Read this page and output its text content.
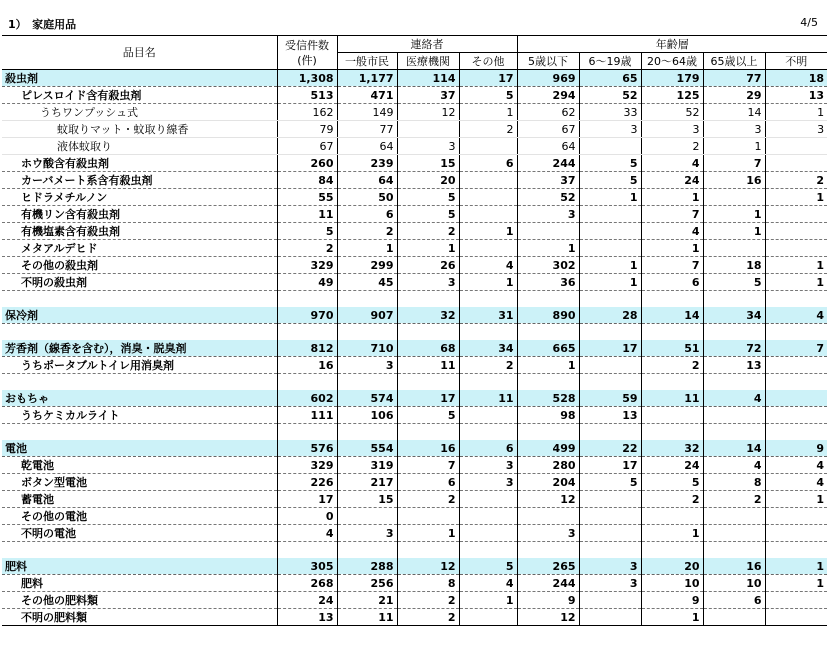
1）　家庭用品	4/5
品目名	受信件数
(件)	連絡者			年齢層				
		一般市民	医療機関	その他	5歳以下	6～19歳	20～64歳	65歳以上	不明
殺虫剤	1,308	1,177	114	17	969	65	179	77	18
ピレスロイド含有殺虫剤	513	471	37	5	294	52	125	29	13
うちワンプッシュ式	162	149	12	1	62	33	52	14	1
蚊取りマット・蚊取り線香	79	77		2	67	3	3	3	3
液体蚊取り	67	64	3		64		2	1	
ホウ酸含有殺虫剤	260	239	15	6	244	5	4	7	
カーバメート系含有殺虫剤	84	64	20		37	5	24	16	2
ヒドラメチルノン	55	50	5		52	1	1		1
有機リン含有殺虫剤	11	6	5		3		7	1	
有機塩素含有殺虫剤	5	2	2	1			4	1	
メタアルデヒド	2	1	1		1		1		
その他の殺虫剤	329	299	26	4	302	1	7	18	1
不明の殺虫剤	49	45	3	1	36	1	6	5	1

保冷剤	970	907	32	31	890	28	14	34	4

芳香剤（線香を含む），消臭・脱臭剤	812	710	68	34	665	17	51	72	7
うちポータブルトイレ用消臭剤	16	3	11	2	1		2	13	

おもちゃ	602	574	17	11	528	59	11	4	
うちケミカルライト	111	106	5		98	13			

電池	576	554	16	6	499	22	32	14	9
乾電池	329	319	7	3	280	17	24	4	4
ボタン型電池	226	217	6	3	204	5	5	8	4
蓄電池	17	15	2		12		2	2	1
その他の電池	0								
不明の電池	4	3	1		3		1		

肥料	305	288	12	5	265	3	20	16	1
肥料	268	256	8	4	244	3	10	10	1
その他の肥料類	24	21	2	1	9		9	6	
不明の肥料類	13	11	2		12		1		
